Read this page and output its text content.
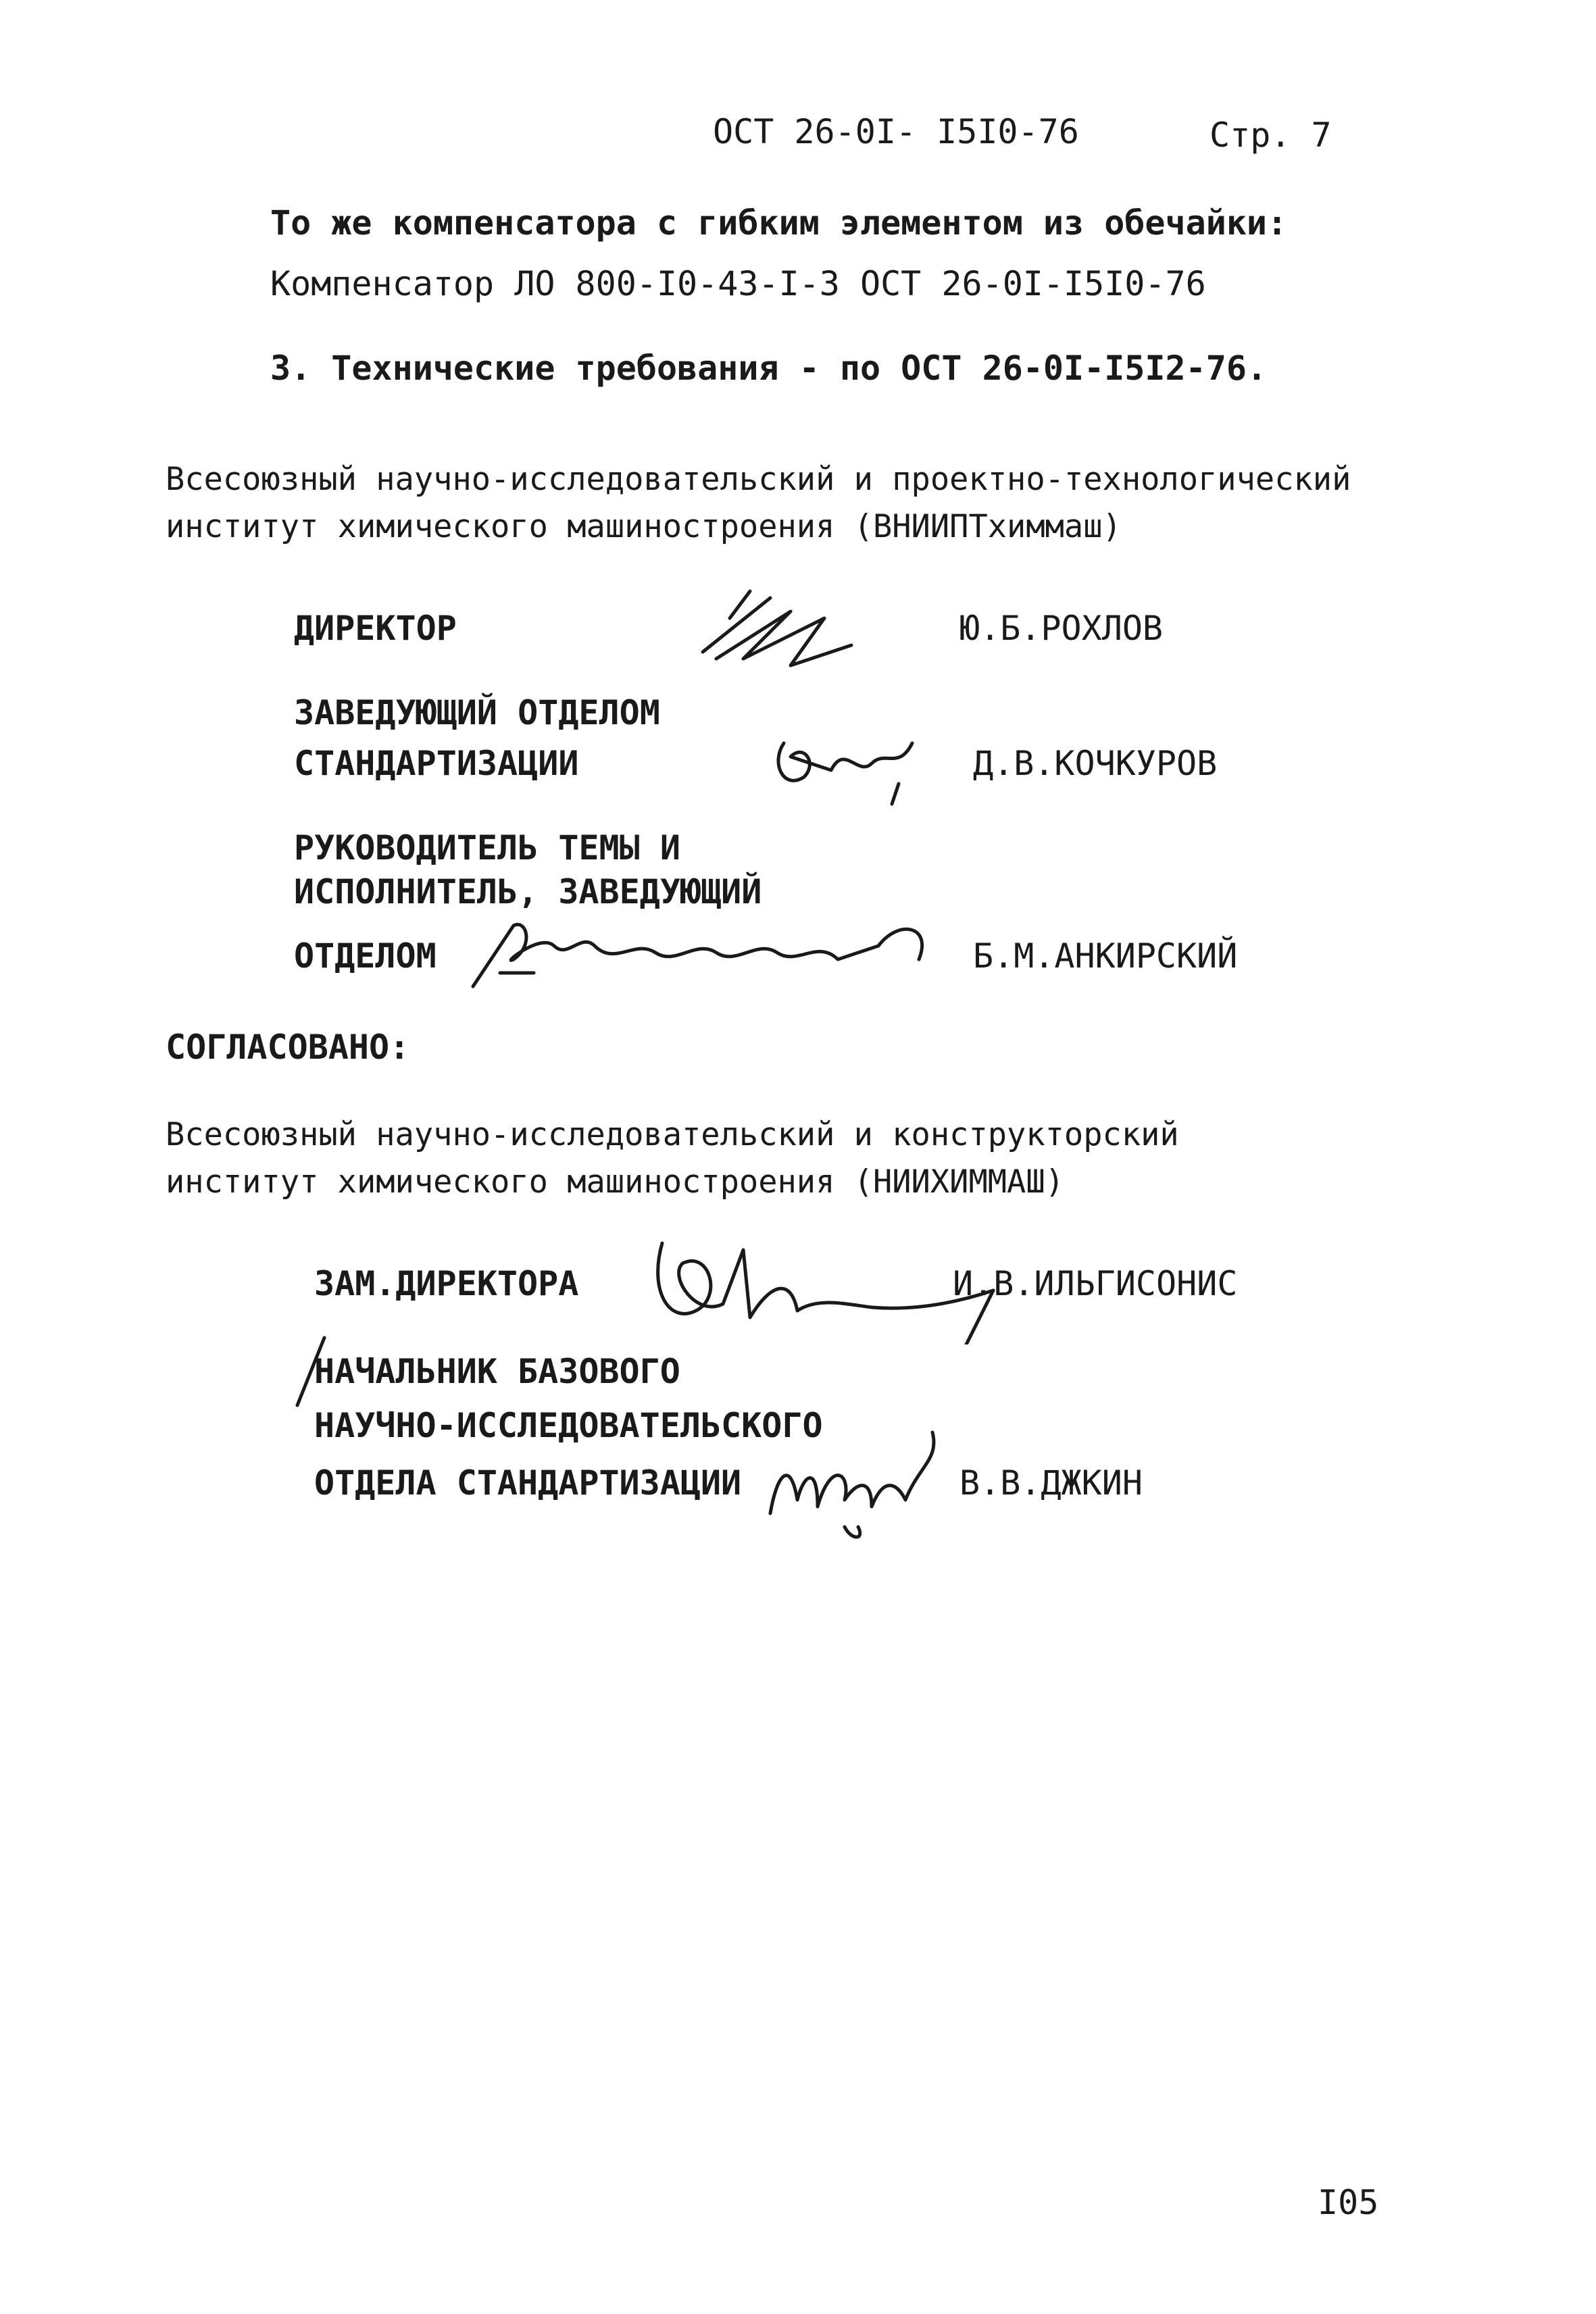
ОСТ 26-0I- I5I0-76	Стр. 7
То же компенсатора с гибким элементом из обечайки:
Компенсатор ЛО 800-I0-43-I-3 ОСТ 26-0I-I5I0-76
3. Технические требования - по ОСТ 26-0I-I5I2-76.
Всесоюзный научно-исследовательский и проектно-технологический
институт химического машиностроения (ВНИИПТхиммаш)
ДИРЕКТОР	Ю.Б.РОХЛОВ
ЗАВЕДУЮЩИЙ ОТДЕЛОМ
СТАНДАРТИЗАЦИИ	Д.В.КОЧКУРОВ
РУКОВОДИТЕЛЬ ТЕМЫ И
ИСПОЛНИТЕЛЬ, ЗАВЕДУЮЩИЙ
ОТДЕЛОМ	Б.М.АНКИРСКИЙ
СОГЛАСОВАНО:
Всесоюзный научно-исследовательский и конструкторский
институт химического машиностроения (НИИХИММАШ)
ЗАМ.ДИРЕКТОРА	И.В.ИЛЬГИСОНИС
НАЧАЛЬНИК БАЗОВОГО
НАУЧНО-ИССЛЕДОВАТЕЛЬСКОГО
ОТДЕЛА СТАНДАРТИЗАЦИИ	В.В.ДЖКИН
I05
